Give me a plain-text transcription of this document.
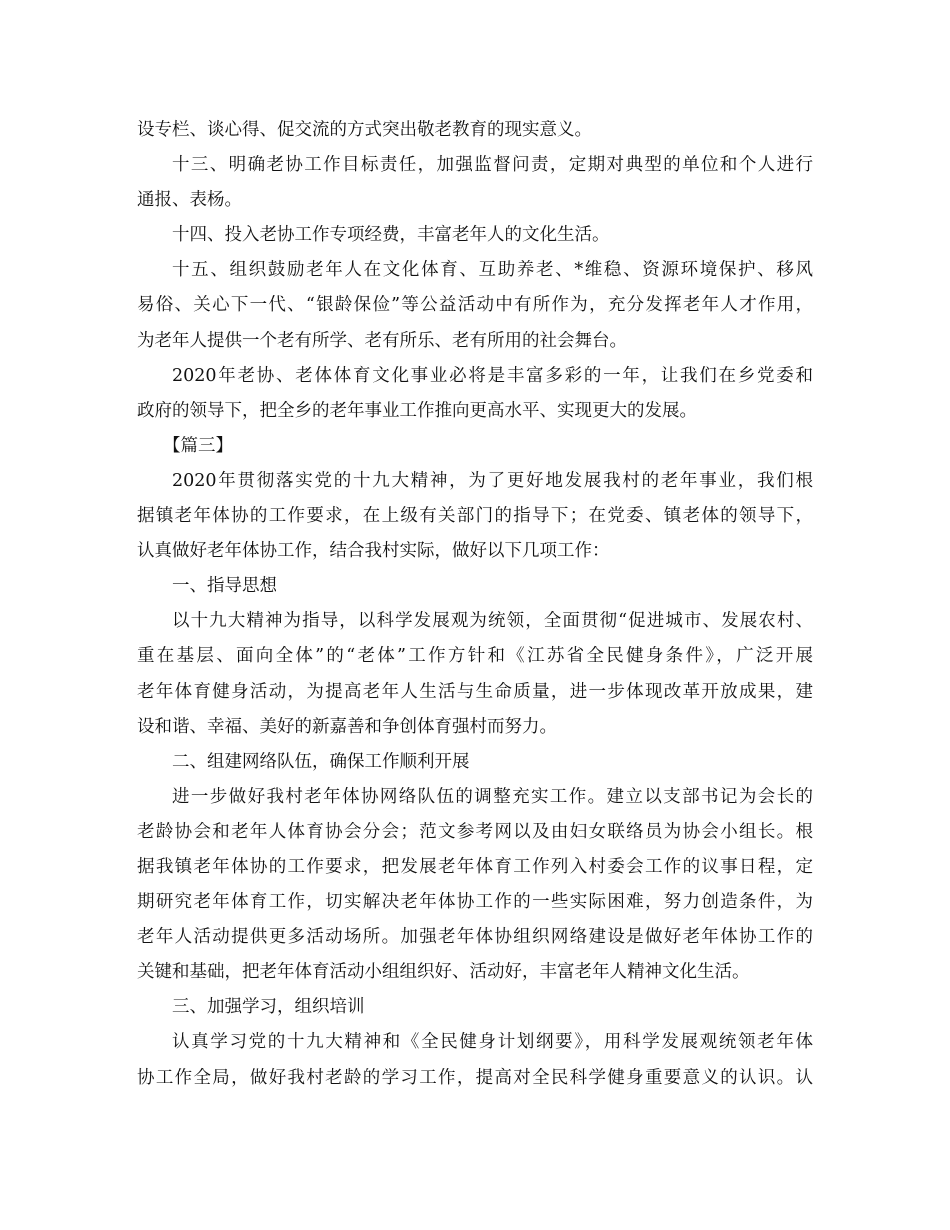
设专栏、谈心得、促交流的方式突出敬老教育的现实意义。
十三、明确老协工作目标责任，加强监督问责，定期对典型的单位和个人进行
通报、表杨。
十四、投入老协工作专项经费，丰富老年人的文化生活。
十五、组织鼓励老年人在文化体育、互助养老、*维稳、资源环境保护、移风
易俗、关心下一代、“银龄保俭”等公益活动中有所作为，充分发挥老年人才作用，
为老年人提供一个老有所学、老有所乐、老有所用的社会舞台。
2020年老协、老体体育文化事业必将是丰富多彩的一年，让我们在乡党委和
政府的领导下，把全乡的老年事业工作推向更高水平、实现更大的发展。
【篇三】
2020年贯彻落实党的十九大精神，为了更好地发展我村的老年事业，我们根
据镇老年体协的工作要求，在上级有关部门的指导下；在党委、镇老体的领导下，
认真做好老年体协工作，结合我村实际，做好以下几项工作：
一、指导思想
以十九大精神为指导，以科学发展观为统领，全面贯彻“促进城市、发展农村、
重在基层、面向全体”的“老体”工作方针和《江苏省全民健身条件》，广泛开展
老年体育健身活动，为提高老年人生活与生命质量，进一步体现改革开放成果，建
设和谐、幸福、美好的新嘉善和争创体育强村而努力。
二、组建网络队伍，确保工作顺利开展
进一步做好我村老年体协网络队伍的调整充实工作。建立以支部书记为会长的
老龄协会和老年人体育协会分会；范文参考网以及由妇女联络员为协会小组长。根
据我镇老年体协的工作要求，把发展老年体育工作列入村委会工作的议事日程，定
期研究老年体育工作，切实解决老年体协工作的一些实际困难，努力创造条件，为
老年人活动提供更多活动场所。加强老年体协组织网络建设是做好老年体协工作的
关键和基础，把老年体育活动小组组织好、活动好，丰富老年人精神文化生活。
三、加强学习，组织培训
认真学习党的十九大精神和《全民健身计划纲要》，用科学发展观统领老年体
协工作全局，做好我村老龄的学习工作，提高对全民科学健身重要意义的认识。认
